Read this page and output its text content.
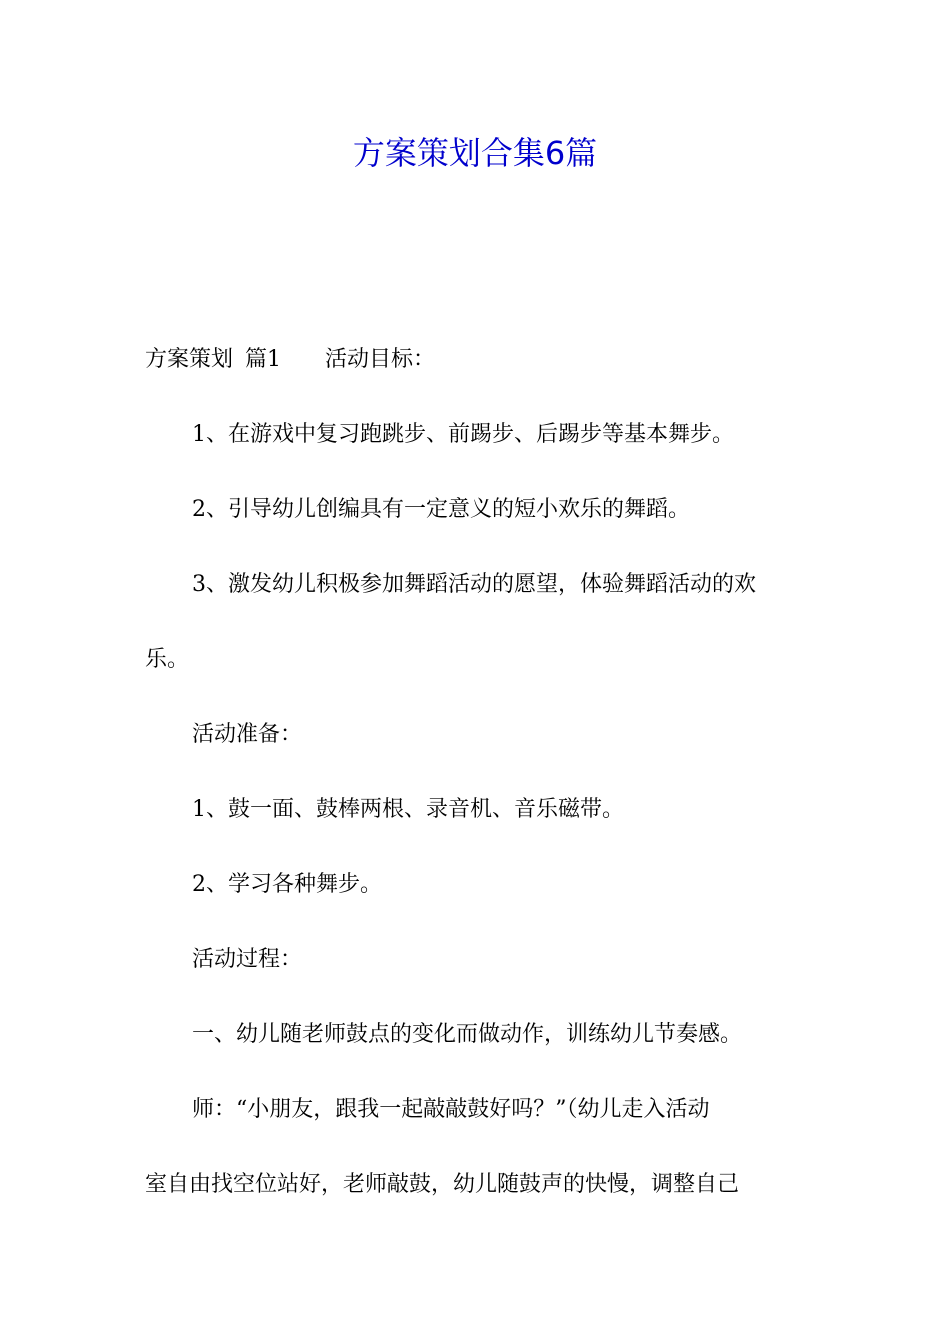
方案策划合集6篇

方案策划 篇1 活动目标：

1、在游戏中复习跑跳步、前踢步、后踢步等基本舞步。

2、引导幼儿创编具有一定意义的短小欢乐的舞蹈。

3、激发幼儿积极参加舞蹈活动的愿望，体验舞蹈活动的欢

乐。

活动准备：

1、鼓一面、鼓棒两根、录音机、音乐磁带。

2、学习各种舞步。

活动过程：

一、幼儿随老师鼓点的变化而做动作，训练幼儿节奏感。

师：“小朋友，跟我一起敲敲鼓好吗？”（幼儿走入活动

室自由找空位站好，老师敲鼓，幼儿随鼓声的快慢，调整自己
